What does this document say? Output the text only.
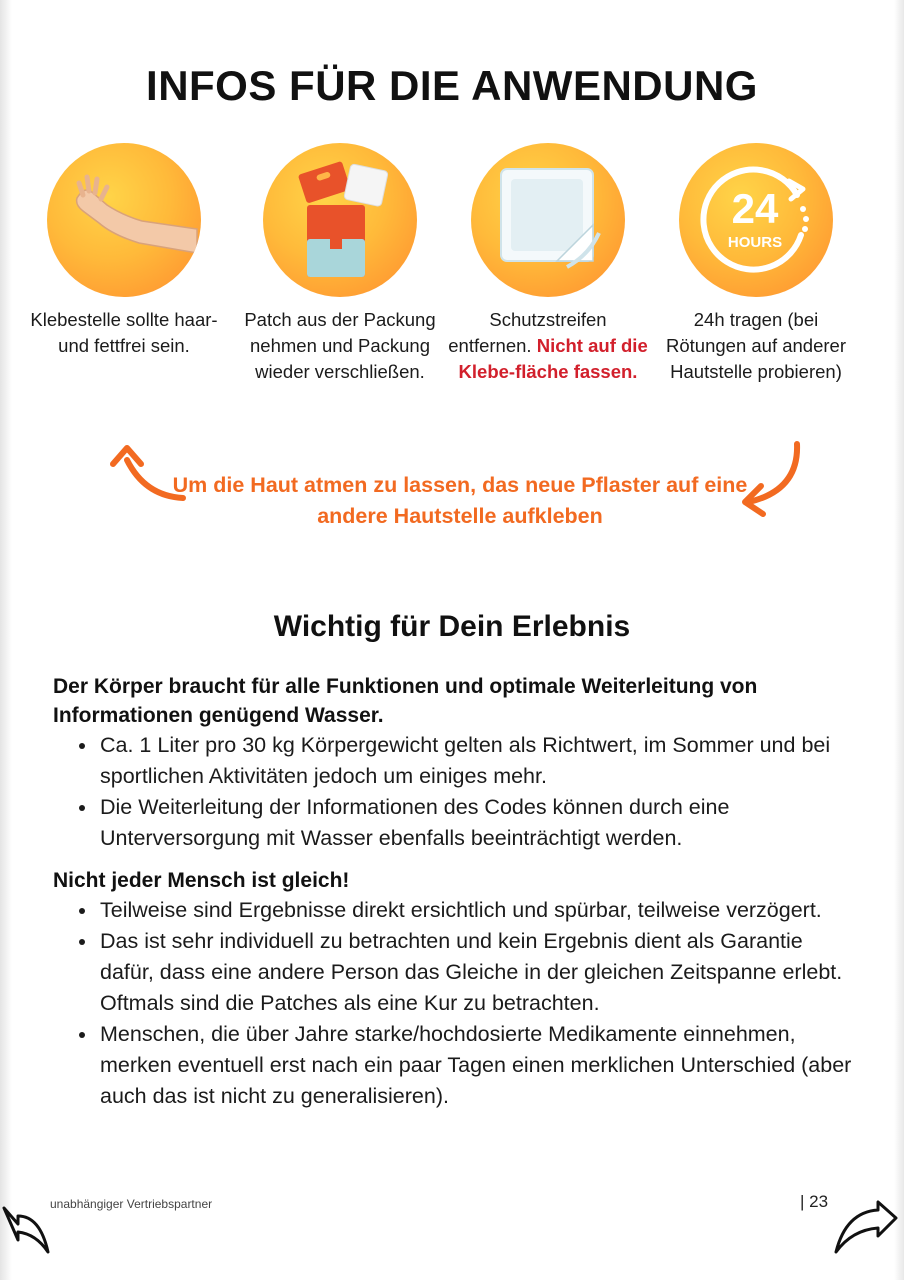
INFOS FÜR DIE ANWENDUNG
Klebestelle sollte haar-und fettfrei sein.
Patch aus der Packung nehmen und Packung wieder verschließen.
Schutzstreifen entfernen. Nicht auf die Klebe-fläche fassen.
24
HOURS
24h tragen (bei Rötungen auf anderer Hautstelle probieren)
Um die Haut atmen zu lassen, das neue Pflaster auf eine andere Hautstelle aufkleben
Wichtig für Dein Erlebnis

Der Körper braucht für alle Funktionen und optimale Weiterleitung von Informationen genügend Wasser.

• Ca. 1 Liter pro 30 kg Körpergewicht gelten als Richtwert, im Sommer und bei sportlichen Aktivitäten jedoch um einiges mehr.
• Die Weiterleitung der Informationen des Codes können durch eine Unterversorgung mit Wasser ebenfalls beeinträchtigt werden.

Nicht jeder Mensch ist gleich!

• Teilweise sind Ergebnisse direkt ersichtlich und spürbar, teilweise verzögert.
• Das ist sehr individuell zu betrachten und kein Ergebnis dient als Garantie dafür, dass eine andere Person das Gleiche in der gleichen Zeitspanne erlebt. Oftmals sind die Patches als eine Kur zu betrachten.
• Menschen, die über Jahre starke/hochdosierte Medikamente einnehmen, merken eventuell erst nach ein paar Tagen einen merklichen Unterschied (aber auch das ist nicht zu generalisieren).
unabhängiger Vertriebspartner	| 23
